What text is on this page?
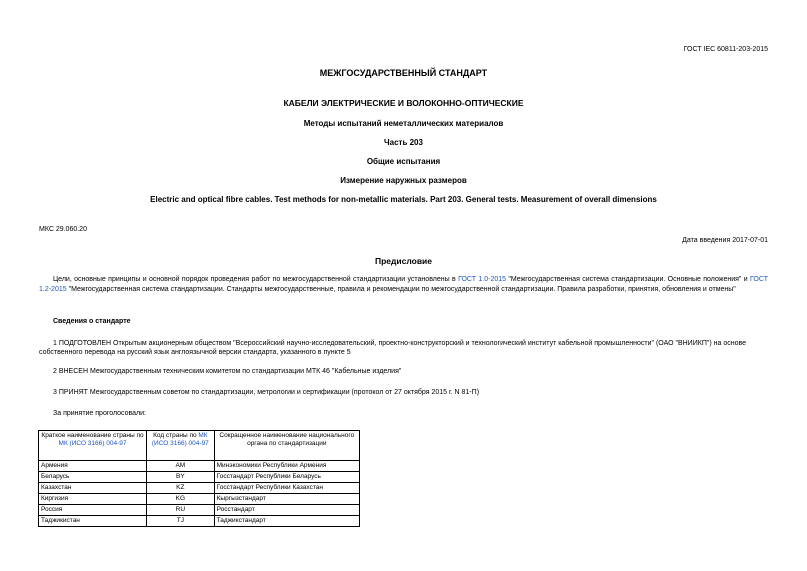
ГОСТ IEC 60811-203-2015
МЕЖГОСУДАРСТВЕННЫЙ СТАНДАРТ
КАБЕЛИ ЭЛЕКТРИЧЕСКИЕ И ВОЛОКОННО-ОПТИЧЕСКИЕ
Методы испытаний неметаллических материалов
Часть 203
Общие испытания
Измерение наружных размеров
Electric and optical fibre cables. Test methods for non-metallic materials. Part 203. General tests. Measurement of overall dimensions
МКС 29.060.20
Дата введения 2017-07-01
Предисловие
Цели, основные принципы и основной порядок проведения работ по межгосударственной стандартизации установлены в ГОСТ 1.0-2015 "Межгосударственная система стандартизации. Основные положения" и ГОСТ 1.2-2015 "Межгосударственная система стандартизации. Стандарты межгосударственные, правила и рекомендации по межгосударственной стандартизации. Правила разработки, принятия, обновления и отмены"
Сведения о стандарте
1 ПОДГОТОВЛЕН Открытым акционерным обществом "Всероссийский научно-исследовательский, проектно-конструкторский и технологический институт кабельной промышленности" (ОАО "ВНИИКП") на основе
собственного перевода на русский язык англоязычной версии стандарта, указанного в пункте 5
2 ВНЕСЕН Межгосударственным техническим комитетом по стандартизации МТК 46 "Кабельные изделия"
3 ПРИНЯТ Межгосударственным советом по стандартизации, метрологии и сертификации (протокол от 27 октября 2015 г. N 81-П)
За принятие проголосовали:
Краткое наименование страны по МК (ИСО 3166) 004-97	Код страны по МК (ИСО 3166) 004-97	Сокращенное наименование национального органа по стандартизации
Армения	AM	Минэкономики Республики Армения
Беларусь	BY	Госстандарт Республики Беларусь
Казахстан	KZ	Госстандарт Республики Казахстан
Киргизия	KG	Кыргызстандарт
Россия	RU	Росстандарт
Таджикистан	TJ	Таджикстандарт
